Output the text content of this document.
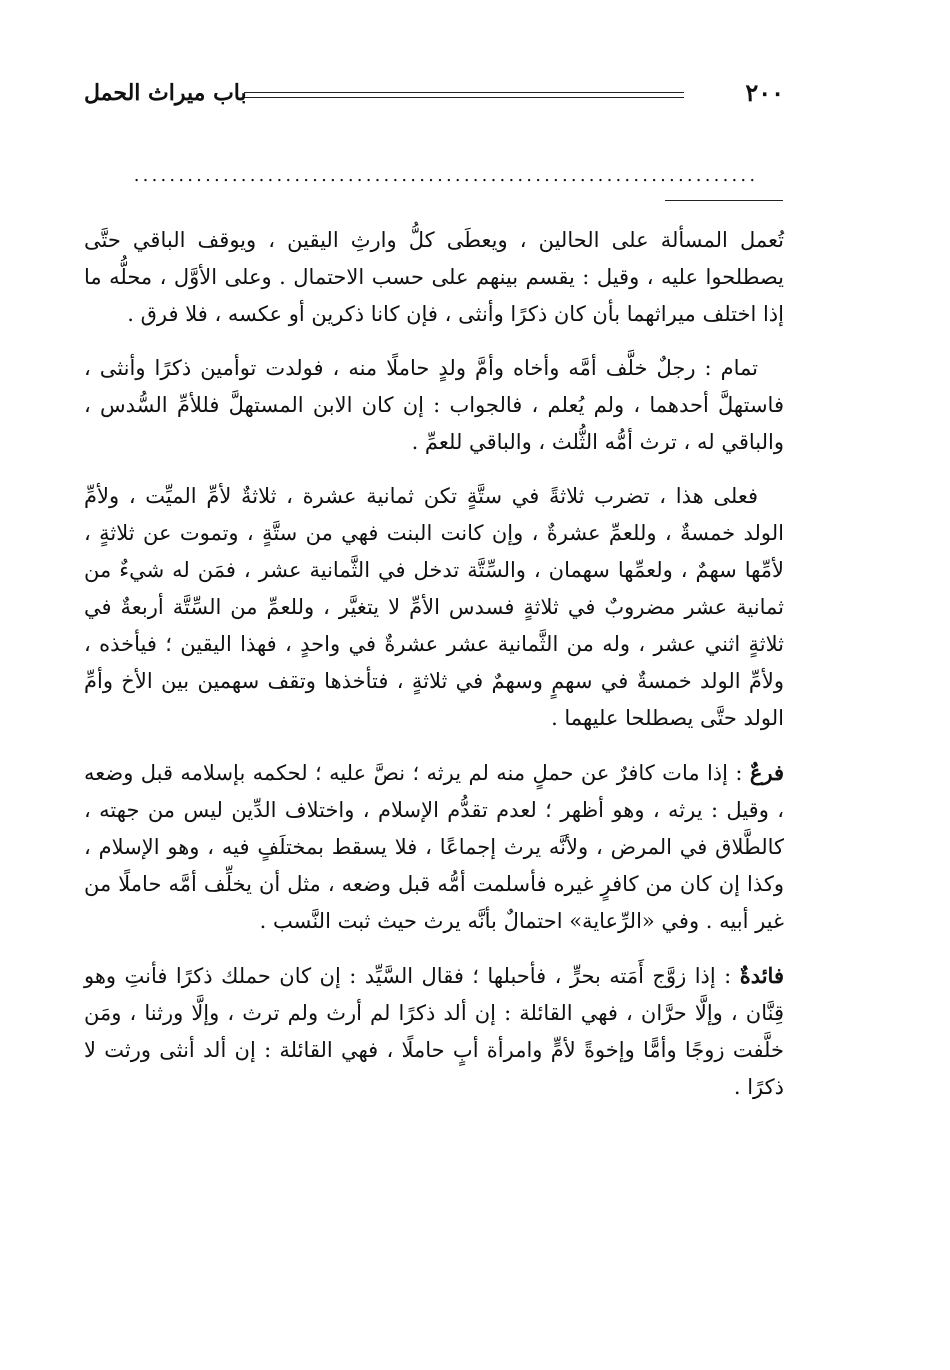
٢٠٠
باب ميراث الحمل
......................................................................

تُعمل المسألة على الحالين ، ويعطَى كلُّ وارثِ اليقين ، ويوقف الباقي حتَّى يصطلحوا عليه ، وقيل : يقسم بينهم على حسب الاحتمال . وعلى الأوَّل ، محلُّه ما إذا اختلف ميراثهما بأن كان ذكرًا وأنثى ، فإن كانا ذكرين أو عكسه ، فلا فرق .

تمام : رجلٌ خلَّف أمَّه وأخاه وأمَّ ولدٍ حاملًا منه ، فولدت توأمين ذكرًا وأنثى ، فاستهلَّ أحدهما ، ولم يُعلم ، فالجواب : إن كان الابن المستهلَّ فللأمِّ السُّدس ، والباقي له ، ترث أمُّه الثُّلث ، والباقي للعمِّ .

فعلى هذا ، تضرب ثلاثةً في ستَّةٍ تكن ثمانية عشرة ، ثلاثةٌ لأمِّ الميِّت ، ولأمِّ الولد خمسةٌ ، وللعمِّ عشرةٌ ، وإن كانت البنت فهي من ستَّةٍ ، وتموت عن ثلاثةٍ ، لأمِّها سهمٌ ، ولعمِّها سهمان ، والسِّتَّة تدخل في الثَّمانية عشر ، فمَن له شيءٌ من ثمانية عشر مضروبٌ في ثلاثةٍ فسدس الأمِّ لا يتغيَّر ، وللعمِّ من السِّتَّة أربعةٌ في ثلاثةٍ اثني عشر ، وله من الثَّمانية عشر عشرةٌ في واحدٍ ، فهذا اليقين ؛ فيأخذه ، ولأمِّ الولد خمسةٌ في سهمٍ وسهمٌ في ثلاثةٍ ، فتأخذها وتقف سهمين بين الأخ وأمِّ الولد حتَّى يصطلحا عليهما .

فرعٌ : إذا مات كافرٌ عن حملٍ منه لم يرثه ؛ نصَّ عليه ؛ لحكمه بإسلامه قبل وضعه ، وقيل : يرثه ، وهو أظهر ؛ لعدم تقدُّم الإسلام ، واختلاف الدِّين ليس من جهته ، كالطَّلاق في المرض ، ولأنَّه يرث إجماعًا ، فلا يسقط بمختلَفٍ فيه ، وهو الإسلام ، وكذا إن كان من كافرٍ غيره فأسلمت أمُّه قبل وضعه ، مثل أن يخلِّف أمَّه حاملًا من غير أبيه . وفي «الرِّعاية» احتمالٌ بأنَّه يرث حيث ثبت النَّسب .

فائدةٌ : إذا زوَّج أَمَته بحرٍّ ، فأحبلها ؛ فقال السَّيِّد : إن كان حملك ذكرًا فأنتِ وهو قِنَّان ، وإلَّا حرَّان ، فهي القائلة : إن ألد ذكرًا لم أرث ولم ترث ، وإلَّا ورثنا ، ومَن خلَّفت زوجًا وأمًّا وإخوةً لأمٍّ وامرأة أبٍ حاملًا ، فهي القائلة : إن ألد أنثى ورثت لا ذكرًا .
